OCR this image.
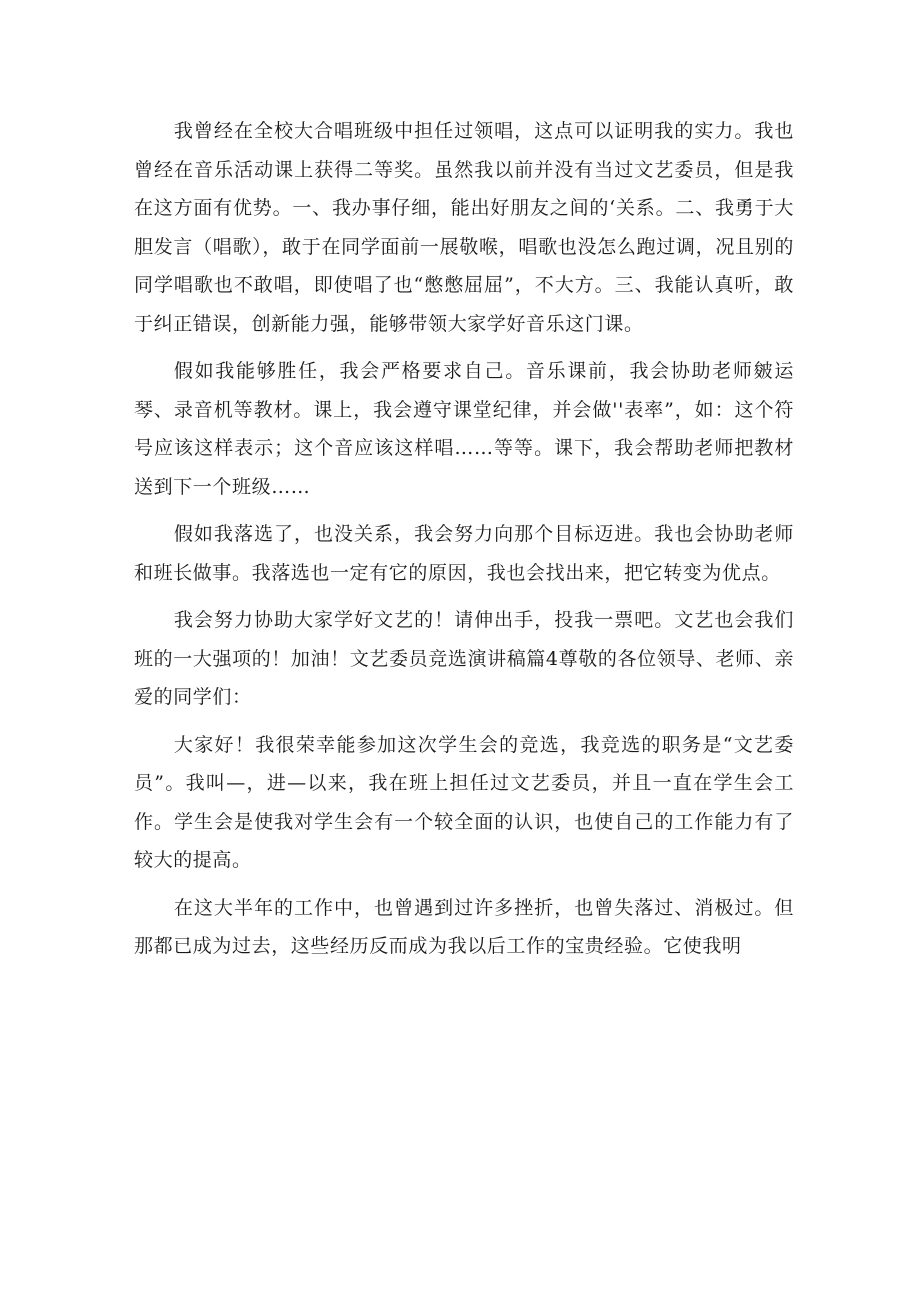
我曾经在全校大合唱班级中担任过领唱，这点可以证明我的实力。我也曾经在音乐活动课上获得二等奖。虽然我以前并没有当过文艺委员，但是我在这方面有优势。一、我办事仔细，能出好朋友之间的‘关系。二、我勇于大胆发言（唱歌），敢于在同学面前一展敬喉，唱歌也没怎么跑过调，况且别的同学唱歌也不敢唱，即使唱了也“憋憋屈屈”，不大方。三、我能认真听，敢于纠正错误，创新能力强，能够带领大家学好音乐这门课。

假如我能够胜任，我会严格要求自己。音乐课前，我会协助老师皴运琴、录音机等教材。课上，我会遵守课堂纪律，并会做''表率”，如：这个符号应该这样表示；这个音应该这样唱……等等。课下，我会帮助老师把教材送到下一个班级……

假如我落选了，也没关系，我会努力向那个目标迈进。我也会协助老师和班长做事。我落选也一定有它的原因，我也会找出来，把它转变为优点。

我会努力协助大家学好文艺的！请伸出手，投我一票吧。文艺也会我们班的一大强项的！加油！文艺委员竞选演讲稿篇4尊敬的各位领导、老师、亲爱的同学们：

大家好！我很荣幸能参加这次学生会的竞选，我竞选的职务是“文艺委员”。我叫—，进—以来，我在班上担任过文艺委员，并且一直在学生会工作。学生会是使我对学生会有一个较全面的认识，也使自己的工作能力有了较大的提高。

在这大半年的工作中，也曾遇到过许多挫折，也曾失落过、消极过。但那都已成为过去，这些经历反而成为我以后工作的宝贵经验。它使我明
